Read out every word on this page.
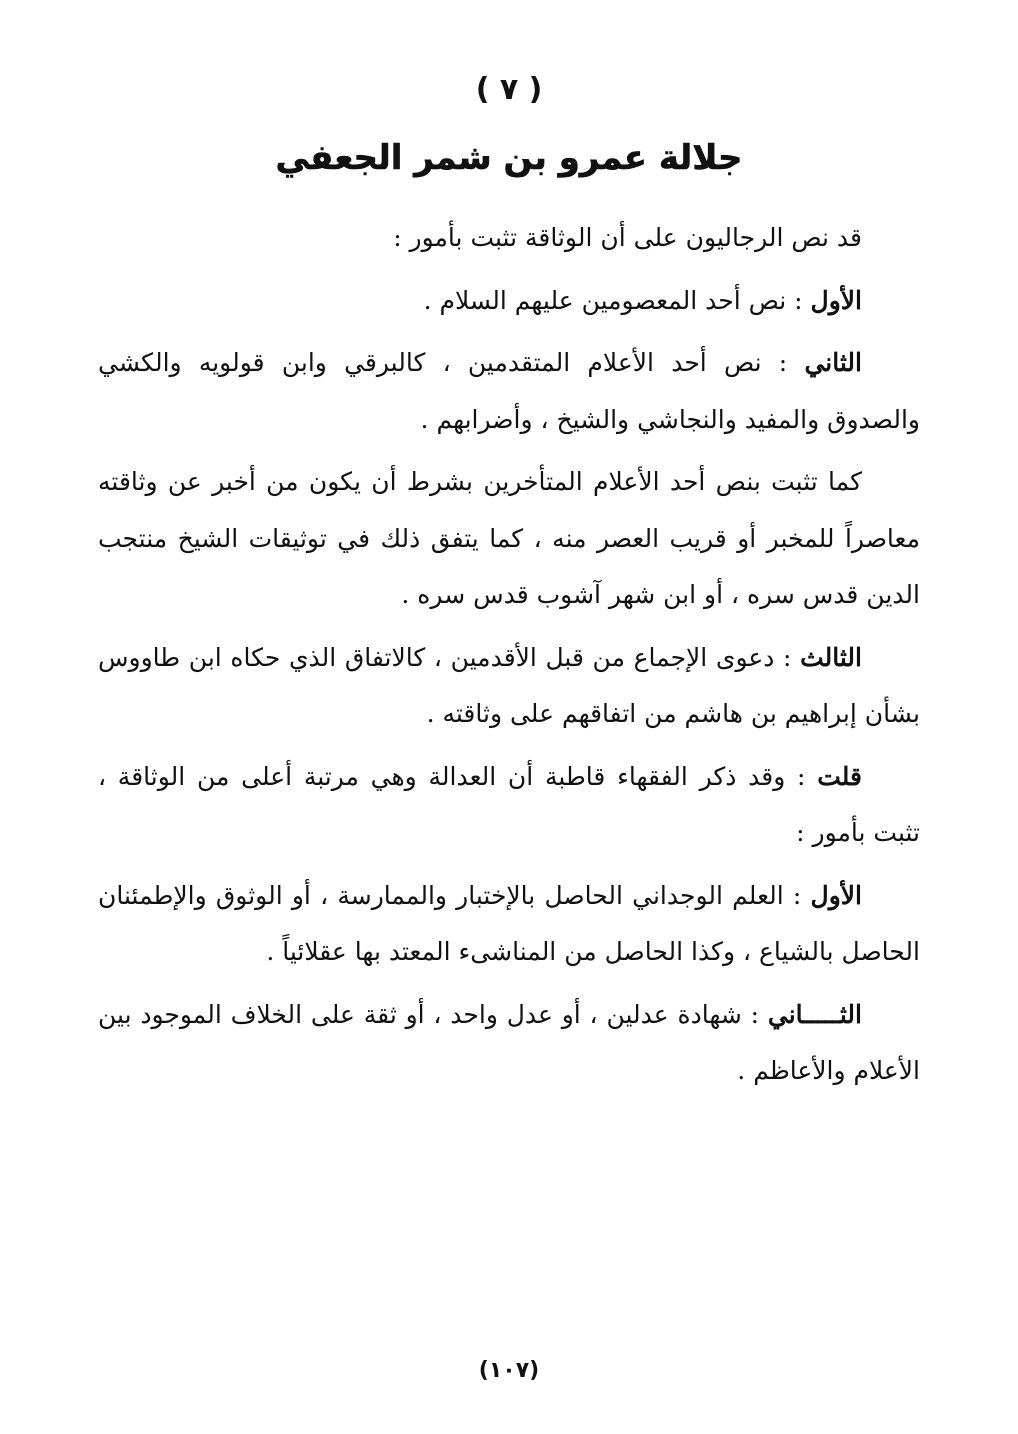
( ٧ )
جلالة عمرو بن شمر الجعفي

قد نص الرجاليون على أن الوثاقة تثبت بأمور :

الأول : نص أحد المعصومين عليهم السلام .

الثاني : نص أحد الأعلام المتقدمين ، كالبرقي وابن قولويه والكشي والصدوق والمفيد والنجاشي والشيخ ، وأضرابهم .

كما تثبت بنص أحد الأعلام المتأخرين بشرط أن يكون من أخبر عن وثاقته معاصراً للمخبر أو قريب العصر منه ، كما يتفق ذلك في توثيقات الشيخ منتجب الدين قدس سره ، أو ابن شهر آشوب قدس سره .

الثالث : دعوى الإجماع من قبل الأقدمين ، كالاتفاق الذي حكاه ابن طاووس بشأن إبراهيم بن هاشم من اتفاقهم على وثاقته .

قلت : وقد ذكر الفقهاء قاطبة أن العدالة وهي مرتبة أعلى من الوثاقة ، تثبت بأمور :

الأول : العلم الوجداني الحاصل بالإختبار والممارسة ، أو الوثوق والإطمئنان الحاصل بالشياع ، وكذا الحاصل من المناشىء المعتد بها عقلائياً .

الثـــــاني : شهادة عدلين ، أو عدل واحد ، أو ثقة على الخلاف الموجود بين الأعلام والأعاظم .

(١٠٧)
